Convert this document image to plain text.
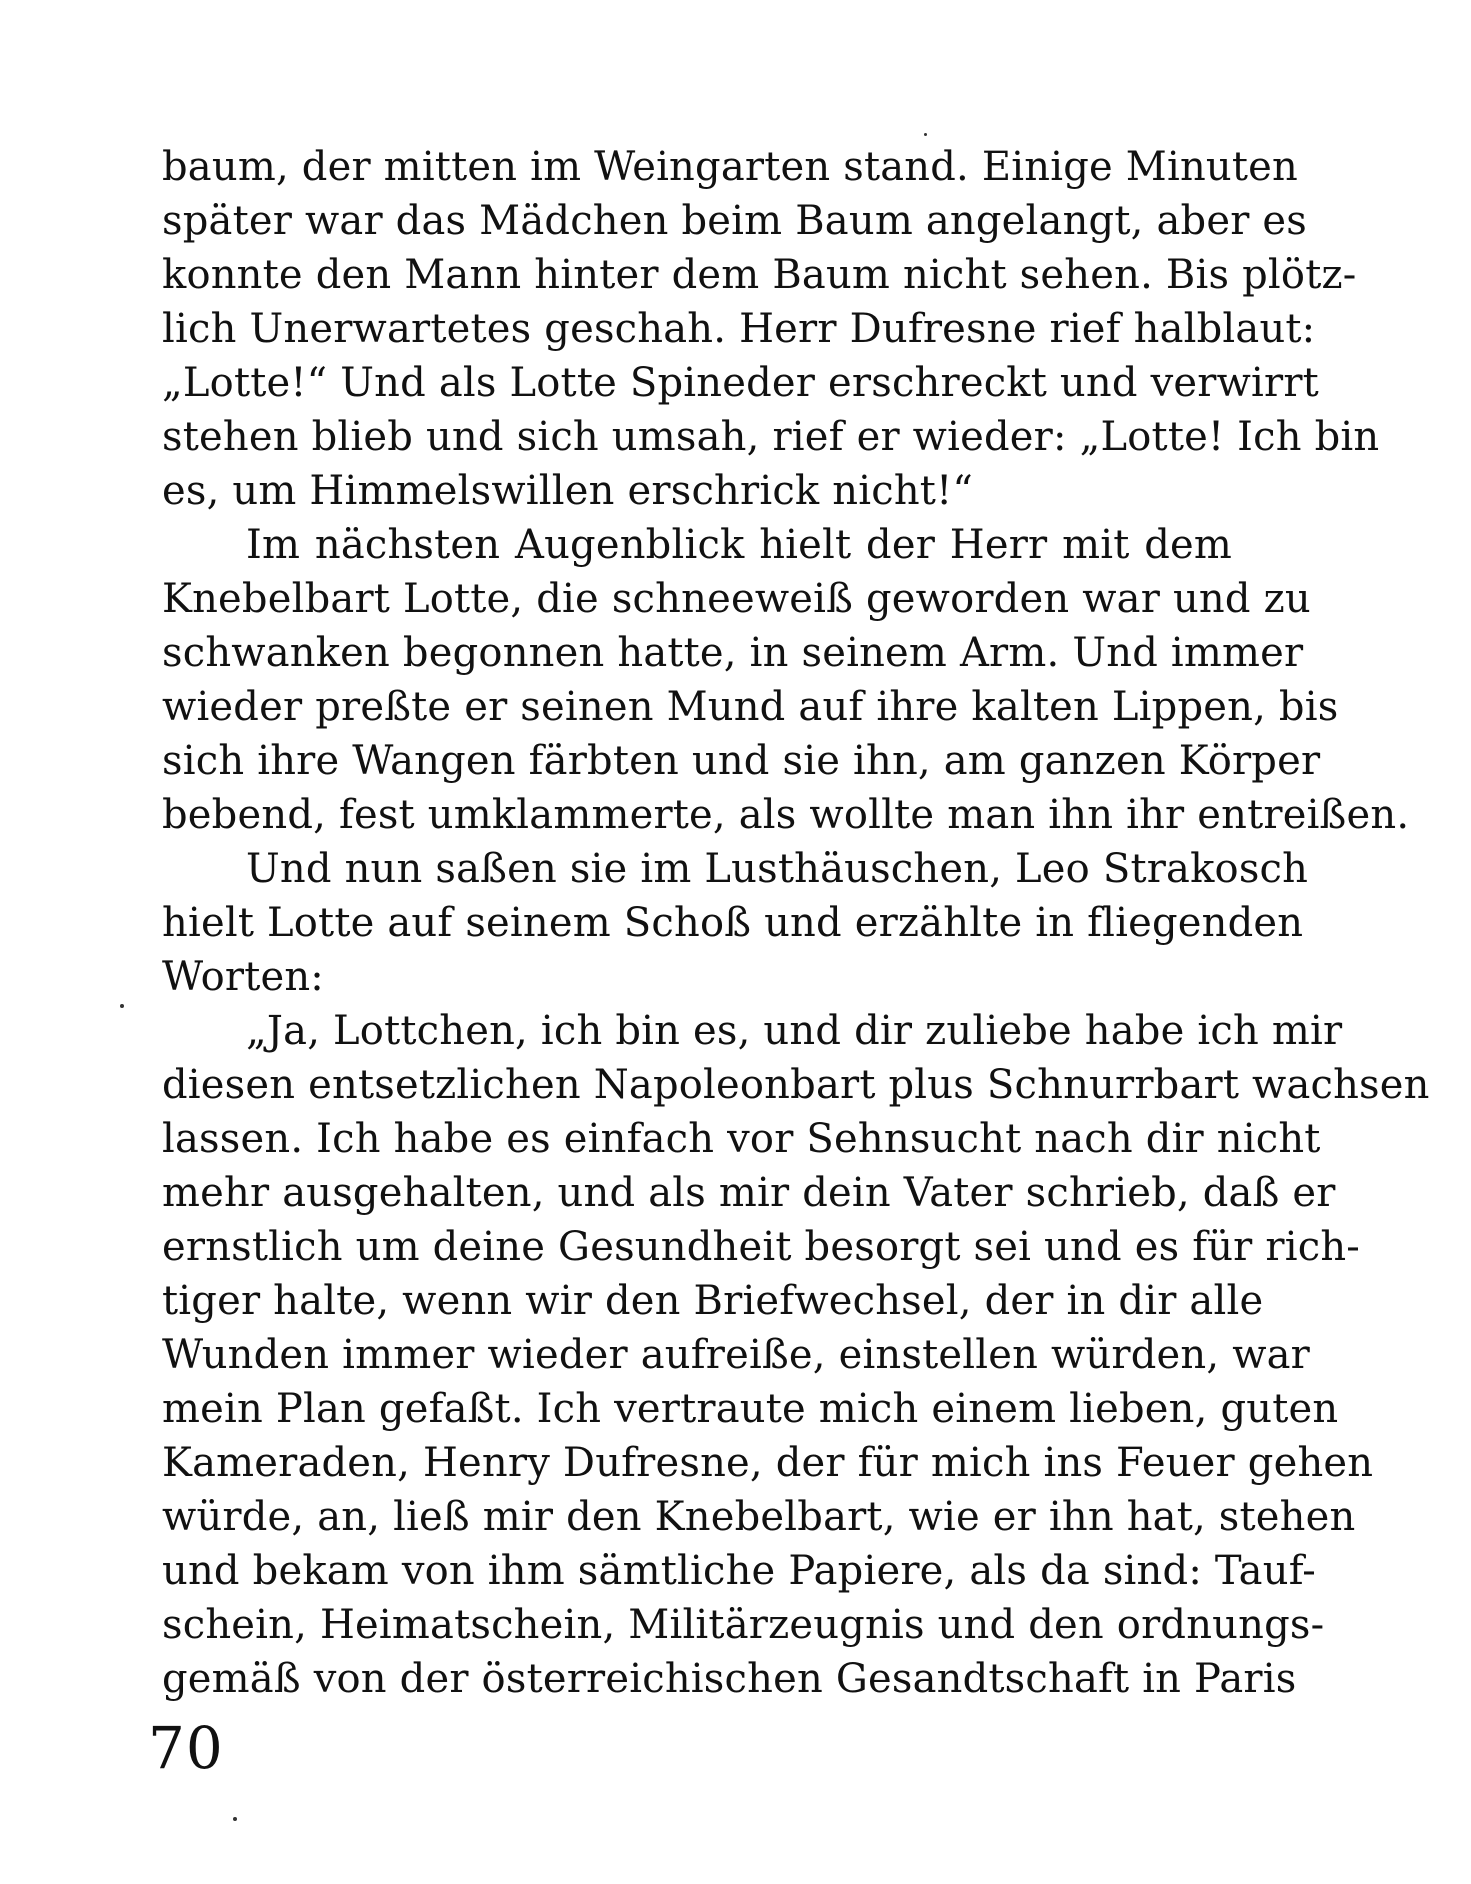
baum, der mitten im Weingarten stand. Einige Minuten
später war das Mädchen beim Baum angelangt, aber es
konnte den Mann hinter dem Baum nicht sehen. Bis plötz-
lich Unerwartetes geschah. Herr Dufresne rief halblaut:
„Lotte!“ Und als Lotte Spineder erschreckt und verwirrt
stehen blieb und sich umsah, rief er wieder: „Lotte! Ich bin
es, um Himmelswillen erschrick nicht!“
Im nächsten Augenblick hielt der Herr mit dem
Knebelbart Lotte, die schneeweiß geworden war und zu
schwanken begonnen hatte, in seinem Arm. Und immer
wieder preßte er seinen Mund auf ihre kalten Lippen, bis
sich ihre Wangen färbten und sie ihn, am ganzen Körper
bebend, fest umklammerte, als wollte man ihn ihr entreißen.
Und nun saßen sie im Lusthäuschen, Leo Strakosch
hielt Lotte auf seinem Schoß und erzählte in fliegenden
Worten:
„Ja, Lottchen, ich bin es, und dir zuliebe habe ich mir
diesen entsetzlichen Napoleonbart plus Schnurrbart wachsen
lassen. Ich habe es einfach vor Sehnsucht nach dir nicht
mehr ausgehalten, und als mir dein Vater schrieb, daß er
ernstlich um deine Gesundheit besorgt sei und es für rich-
tiger halte, wenn wir den Briefwechsel, der in dir alle
Wunden immer wieder aufreiße, einstellen würden, war
mein Plan gefaßt. Ich vertraute mich einem lieben, guten
Kameraden, Henry Dufresne, der für mich ins Feuer gehen
würde, an, ließ mir den Knebelbart, wie er ihn hat, stehen
und bekam von ihm sämtliche Papiere, als da sind: Tauf-
schein, Heimatschein, Militärzeugnis und den ordnungs-
gemäß von der österreichischen Gesandtschaft in Paris
70
